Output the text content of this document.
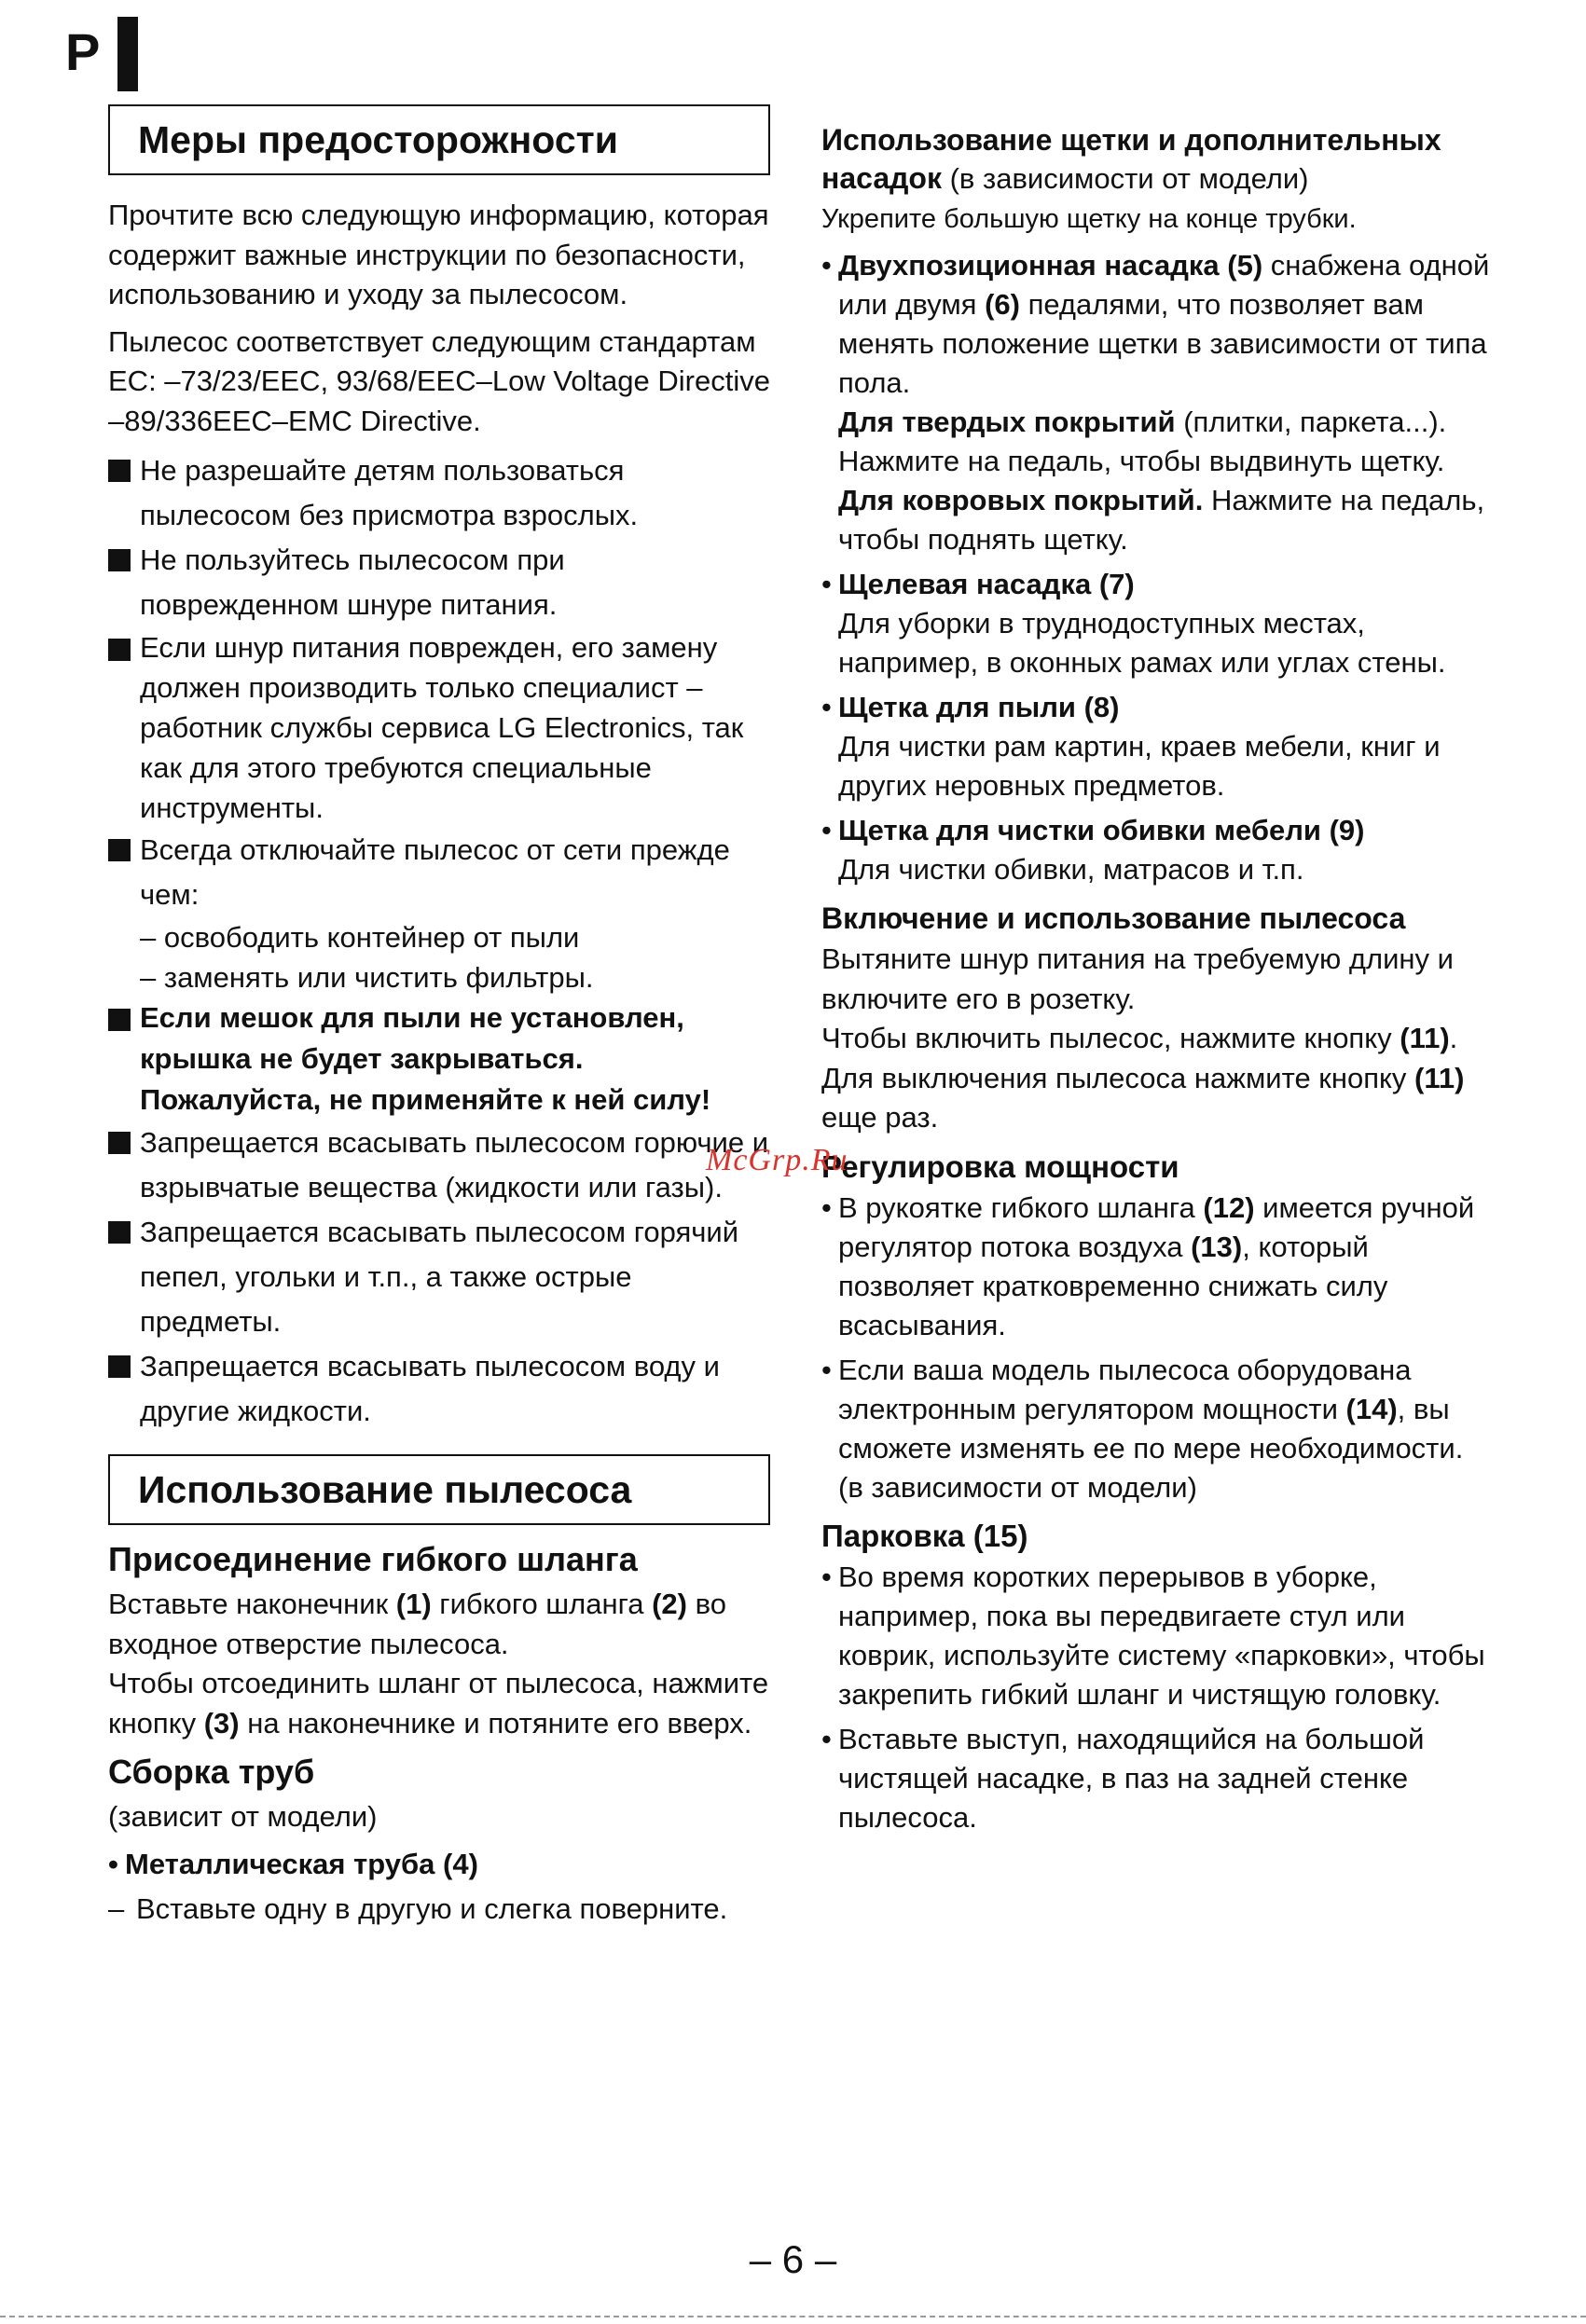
P
Меры предосторожности

Прочтите всю следующую информацию, которая содержит важные инструкции по безопасности, использованию и уходу за пылесосом.

Пылесос соответствует следующим стандартам ЕС: –73/23/EEC, 93/68/EEC–Low Voltage Directive –89/336EEC–EMC Directive.

Не разрешайте детям пользоваться пылесосом без присмотра взрослых.
Не пользуйтесь пылесосом при поврежденном шнуре питания.
Если шнур питания поврежден, его замену должен производить только специалист – работник службы сервиса LG Electronics, так как для этого требуются специальные инструменты.
Всегда отключайте пылесос от сети прежде чем:
– освободить контейнер от пыли
– заменять или чистить фильтры.
Если мешок для пыли не установлен, крышка не будет закрываться. Пожалуйста, не применяйте к ней силу!
Запрещается всасывать пылесосом горючие и взрывчатые вещества (жидкости или газы).
Запрещается всасывать пылесосом горячий пепел, угольки и т.п., а также острые предметы.
Запрещается всасывать пылесосом воду и другие жидкости.
Использование пылесоса
Присоединение гибкого шланга

Вставьте наконечник (1) гибкого шланга (2) во входное отверстие пылесоса.

Чтобы отсоединить шланг от пылесоса, нажмите кнопку (3) на наконечнике и потяните его вверх.

Сборка труб

(зависит от модели)

• Металлическая труба (4)
– Вставьте одну в другую и слегка поверните.

Использование щетки и дополнительных насадок (в зависимости от модели)

Укрепите большую щетку на конце трубки.

• Двухпозиционная насадка (5) снабжена одной или двумя (6) педалями, что позволяет вам менять положение щетки в зависимости от типа пола.
Для твердых покрытий (плитки, паркета...). Нажмите на педаль, чтобы выдвинуть щетку.
Для ковровых покрытий. Нажмите на педаль, чтобы поднять щетку.
• Щелевая насадка (7)
Для уборки в труднодоступных местах, например, в оконных рамах или углах стены.
• Щетка для пыли (8)
Для чистки рам картин, краев мебели, книг и других неровных предметов.
• Щетка для чистки обивки мебели (9)
Для чистки обивки, матрасов и т.п.
Включение и использование пылесоса

Вытяните шнур питания на требуемую длину и включите его в розетку.

Чтобы включить пылесос, нажмите кнопку (11). Для выключения пылесоса нажмите кнопку (11) еще раз.

Регулировка мощности
• В рукоятке гибкого шланга (12) имеется ручной регулятор потока воздуха (13), который позволяет кратковременно снижать силу всасывания.
• Если ваша модель пылесоса оборудована электронным регулятором мощности (14), вы сможете изменять ее по мере необходимости. (в зависимости от модели)
Парковка (15)
• Во время коротких перерывов в уборке, например, пока вы передвигаете стул или коврик, используйте систему «парковки», чтобы закрепить гибкий шланг и чистящую головку.
• Вставьте выступ, находящийся на большой чистящей насадке, в паз на задней стенке пылесоса.
McGrp.Ru
– 6 –
